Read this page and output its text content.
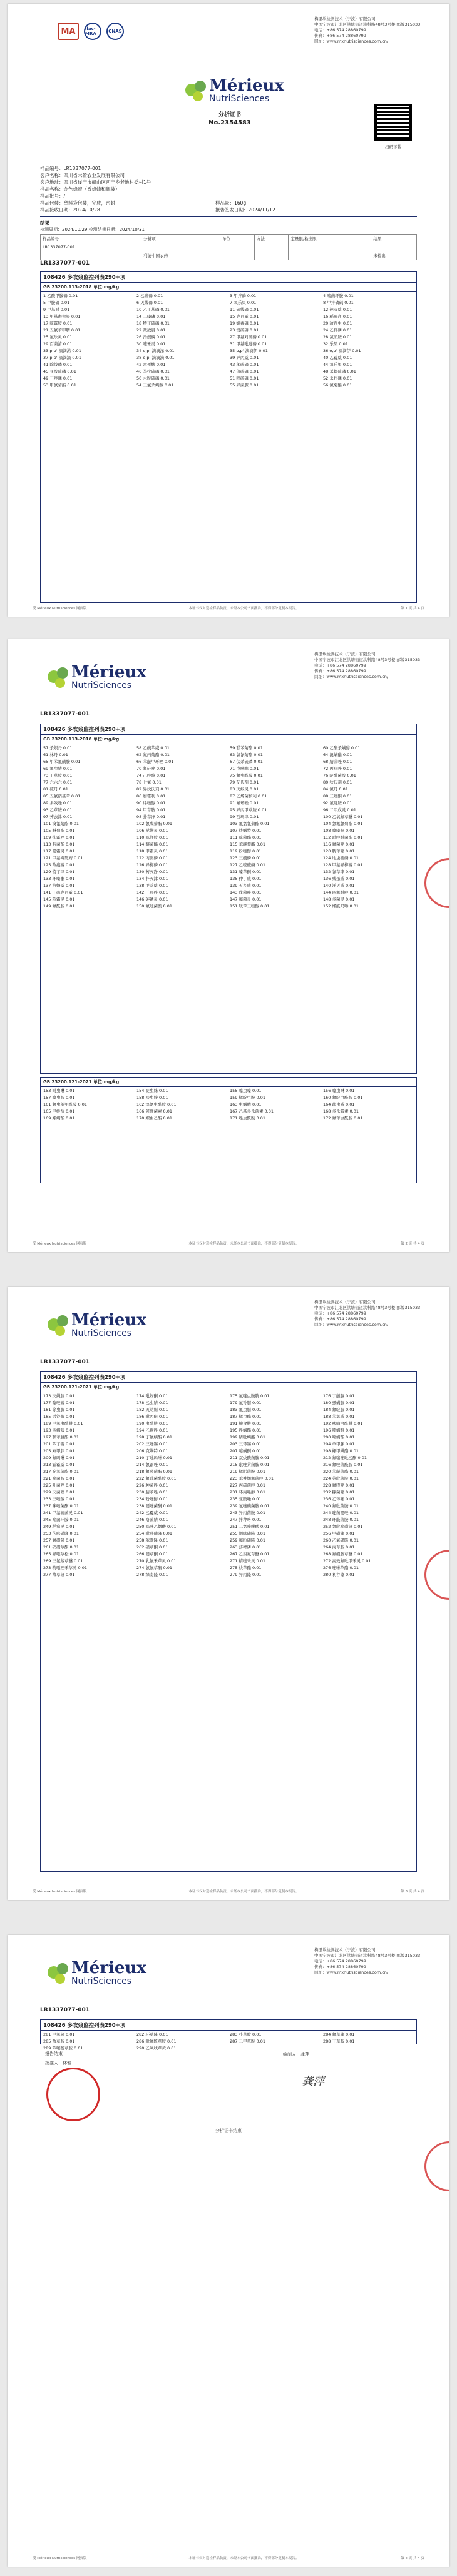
MA	ilac-MRA	CNAS
梅里埃检测技术（宁波）有限公司
中国宁波市江北区洪塘街道洪科路48号3号楼 邮编315033
电话：+86 574 28860799
传真：+86 574 28860799
网址：www.mxnutrisciences.com.cn/
Mérieux
NutriSciences
分析证书
No.2354583
扫码下载
样品编号： LR1337077-001
客户名称： 四川省未赞农业发展有限公司
客户地址： 四川省遂宁市船山区西宁乡老池村委村1号
样品名称： 金色蜂蜜（香蜂蜂和瓶装）
样品批号： /
样品包装：塑料袋包装，完成，密封	样品量： 160g
样品接收日期：2024/10/28	报告签发日期： 2024/11/12
结果
检测周期：2024/10/29 检测结束日期：2024/10/31
样品编号	分析项	单位	方法	定量限/检出限	结果
LR1337077-001					
	利德中国农药				未检出
LR1337077-001
108426 多农残监控列表290+项
GB 23200.113-2018 单位:mg/kg
1 乙酰甲胺磷 0.01	2 乙硫磷 0.01	3 甲拌磷 0.01	4 嘧菌环胺 0.01
5 甲胺磷 0.01	6 灭线磷 0.01	7 氧乐果 0.01	8 甲拌磷砜 0.01
9 甲基对 0.01	10 乙丁基磷 0.01	11 硫线磷 0.01	12 速灭威 0.01
13 甲基毒虫畏 0.01	14 二嗪磷 0.01	15 克百威 0.01	16 稻瘟净 0.01
17 嘧霉胺 0.01	18 特丁硫磷 0.01	19 蝇毒磷 0.01	20 敌百虫 0.01
21 五氯苯甲腈 0.01	22 敌敌畏 0.01	23 溴硫磷 0.01	24 乙拌磷 0.01
25 氟乐灵 0.01	26 治螟磷 0.01	27 甲基对硫磷 0.01	28 氯硝胺 0.01
29 百菌清 0.01	30 喹禾灵 0.01	31 甲基吡啶磷 0.01	32 乐果 0.01
33 p,p'-滴滴涕 0.01	34 o,p'-滴滴涕 0.01	35 p,p'-滴滴伊 0.01	36 o,p'-滴滴伊 0.01
37 p,p'-滴滴滴 0.01	38 o,p'-滴滴滴 0.01	39 异丙威 0.01	40 乙霉威 0.01
41 除线磷 0.01	42 毒死蜱 0.01	43 苯硫磷 0.01	44 氧乐果 0.01
45 亚胺硫磷 0.01	46 马拉硫磷 0.01	47 倍硫磷 0.01	48 杀螟硫磷 0.01
49 三唑磷 0.01	50 水胺硫磷 0.01	51 喹硫磷 0.01	52 杀扑磷 0.01
53 甲氰菊酯 0.01	54 三氯杀螨醇 0.01	55 异菌脲 0.01	56 氯菊酯 0.01
受 Mérieux Nutrisciences 网页版	本证书仅对送检样品负责，未经本公司书面批准，不得部分复制本报告。	第 1 页 共 4 页
Mérieux
NutriSciences
梅里埃检测技术（宁波）有限公司
中国宁波市江北区洪塘街道洪科路48号3号楼 邮编315033
电话：+86 574 28860799
传真：+86 574 28860799
网址：www.mxnutrisciences.com.cn/
LR1337077-001
108426 多农残监控列表290+项
GB 23200.113-2018 单位:mg/kg
57 杀螟丹 0.01	58 乙硫苯威 0.01	59 联苯菊酯 0.01	60 乙酯杀螨醇 0.01
61 林丹 0.01	62 氟丙菊酯 0.01	63 氯氰菊酯 0.01	64 溴螨酯 0.01
65 甲苯氟磺胺 0.01	66 苯醚甲环唑 0.01	67 伏杀硫磷 0.01	68 腈菌唑 0.01
69 氟虫腈 0.01	70 氟硅唑 0.01	71 戊唑醇 0.01	72 丙环唑 0.01
73 丁草胺 0.01	74 己唑醇 0.01	75 氟虫酰胺 0.01	76 啶酰菌胺 0.01
77 六六六 0.01	78 七氯 0.01	79 艾氏剂 0.01	80 狄氏剂 0.01
81 硫丹 0.01	82 异狄氏剂 0.01	83 灭蚁灵 0.01	84 氯丹 0.01
85 五氯硝基苯 0.01	86 腐霉利 0.01	87 乙烯菌核利 0.01	88 三唑酮 0.01
89 多效唑 0.01	90 烯唑醇 0.01	91 氟环唑 0.01	92 氟啶胺 0.01
93 乙草胺 0.01	94 甲草胺 0.01	95 异丙甲草胺 0.01	96 二甲戊灵 0.01
97 莠去津 0.01	98 扑草净 0.01	99 西玛津 0.01	100 乙氧氟草醚 0.01
101 溴氰菊酯 0.01	102 氰戊菊酯 0.01	103 氟氯氰菊酯 0.01	104 氯氟氰菊酯 0.01
105 醚菊酯 0.01	106 哒螨灵 0.01	107 炔螨特 0.01	108 噻嗪酮 0.01
109 抑霉唑 0.01	110 咪鲜胺 0.01	111 嘧菌酯 0.01	112 吡唑醚菌酯 0.01
113 肟菌酯 0.01	114 醚菌酯 0.01	115 苯醚菊酯 0.01	116 氟菌唑 0.01
117 噁霜灵 0.01	118 甲霜灵 0.01	119 粉唑醇 0.01	120 腈苯唑 0.01
121 甲基毒死蜱 0.01	122 丙溴磷 0.01	123 三硫磷 0.01	124 地虫硫磷 0.01
125 敌瘟磷 0.01	126 异柳磷 0.01	127 乙嘧硫磷 0.01	128 甲基异柳磷 0.01
129 特丁津 0.01	130 莠灭净 0.01	131 嗪草酮 0.01	132 氰草津 0.01
133 环嗪酮 0.01	134 扑灭津 0.01	135 仲丁威 0.01	136 残杀威 0.01
137 抗蚜威 0.01	138 甲萘威 0.01	139 灭多威 0.01	140 涕灭威 0.01
141 丁硫克百威 0.01	142 三环唑 0.01	143 戊菌唑 0.01	144 四氟醚唑 0.01
145 苯霜灵 0.01	146 萎锈灵 0.01	147 噻菌灵 0.01	148 多菌灵 0.01
149 氟酰胺 0.01	150 氟吡菌胺 0.01	151 联苯三唑醇 0.01	152 烯酰吗啉 0.01
GB 23200.121-2021 单位:mg/kg
153 吡虫啉 0.01	154 啶虫脒 0.01	155 噻虫嗪 0.01	156 噻虫啉 0.01
157 噻虫胺 0.01	158 呋虫胺 0.01	159 烯啶虫胺 0.01	160 氟啶虫酰胺 0.01
161 氯虫苯甲酰胺 0.01	162 溴氰虫酰胺 0.01	163 虫螨腈 0.01	164 茚虫威 0.01
165 甲维盐 0.01	166 阿维菌素 0.01	167 乙基多杀菌素 0.01	168 多杀霉素 0.01
169 螺螨酯 0.01	170 螺虫乙酯 0.01	171 唑虫酰胺 0.01	172 氟苯虫酰胺 0.01
受 Mérieux Nutrisciences 网页版	本证书仅对送检样品负责，未经本公司书面批准，不得部分复制本报告。	第 2 页 共 4 页
Mérieux
NutriSciences
梅里埃检测技术（宁波）有限公司
中国宁波市江北区洪塘街道洪科路48号3号楼 邮编315033
电话：+86 574 28860799
传真：+86 574 28860799
网址：www.mxnutrisciences.com.cn/
LR1337077-001
108426 多农残监控列表290+项
GB 23200.121-2021 单位:mg/kg
173 灭蝇胺 0.01	174 吡蚜酮 0.01	175 氟啶虫胺腈 0.01	176 丁醚脲 0.01
177 噻唑磷 0.01	178 乙虫腈 0.01	179 氟铃脲 0.01	180 虱螨脲 0.01
181 除虫脲 0.01	182 灭幼脲 0.01	183 氟虫脲 0.01	184 氟啶脲 0.01
185 杀铃脲 0.01	186 吡丙醚 0.01	187 烯虫酯 0.01	188 苯氧威 0.01
189 甲氧虫酰肼 0.01	190 虫酰肼 0.01	191 抑食肼 0.01	192 呋喃虫酰肼 0.01
193 四螨嗪 0.01	194 乙螨唑 0.01	195 唑螨酯 0.01	196 喹螨醚 0.01
197 联苯肼酯 0.01	198 丁氟螨酯 0.01	199 腈吡螨酯 0.01	200 嘧螨酯 0.01
201 苯丁锡 0.01	202 三唑锡 0.01	203 三环锡 0.01	204 单甲脒 0.01
205 双甲脒 0.01	206 克螨特 0.01	207 噻螨酮 0.01	208 螺甲螨酯 0.01
209 氟吗啉 0.01	210 丁吡吗啉 0.01	211 双炔酰菌胺 0.01	212 氟噻唑吡乙酮 0.01
213 霜霉威 0.01	214 氰霜唑 0.01	215 吡唑萘菌胺 0.01	216 氟唑菌酰胺 0.01
217 啶氧菌酯 0.01	218 氟嘧菌酯 0.01	219 烯肟菌胺 0.01	220 苯醚菌酯 0.01
221 嘧菌胺 0.01	222 氟吡菌酰胺 0.01	223 苯并烯氟菌唑 0.01	224 萘吡菌胺 0.01
225 叶菌唑 0.01	226 种菌唑 0.01	227 丙硫菌唑 0.01	228 氟喹唑 0.01
229 灭菌唑 0.01	230 腈苯唑 0.01	231 环丙唑醇 0.01	232 糠菌唑 0.01
233 三唑醇 0.01	234 粉唑醇 0.01	235 亚胺唑 0.01	236 乙环唑 0.01
237 咪唑菌酮 0.01	238 噁唑菌酮 0.01	239 氰唑磺菌胺 0.01	240 氟吡菌胺 0.01
241 甲基硫菌灵 0.01	242 乙霉威 0.01	243 异丙菌胺 0.01	244 啶菌噁唑 0.01
245 嘧菌环胺 0.01	246 咯菌腈 0.01	247 拌种咯 0.01	248 环酰菌胺 0.01
249 稻瘟灵 0.01	250 咪唑乙烟酸 0.01	251 二氯喹啉酸 0.01	252 氯吡嘧磺隆 0.01
253 苄嘧磺隆 0.01	254 吡嘧磺隆 0.01	255 烟嘧磺隆 0.01	256 甲磺隆 0.01
257 氯磺隆 0.01	258 苯磺隆 0.01	259 噻吩磺隆 0.01	260 乙氧磺隆 0.01
261 硝磺草酮 0.01	262 磺草酮 0.01	263 莎稗磷 0.01	264 丙草胺 0.01
265 异噁草松 0.01	266 噁草酮 0.01	267 乙羧氟草醚 0.01	268 氟磺胺草醚 0.01
269 三氟羧草醚 0.01	270 乳氟禾草灵 0.01	271 精喹禾灵 0.01	272 高效氟吡甲禾灵 0.01
273 精噁唑禾草灵 0.01	274 氰氟草酯 0.01	275 炔草酯 0.01	276 唑啉草酯 0.01
277 敌草隆 0.01	278 绿麦隆 0.01	279 异丙隆 0.01	280 利谷隆 0.01
受 Mérieux Nutrisciences 网页版	本证书仅对送检样品负责，未经本公司书面批准，不得部分复制本报告。	第 3 页 共 4 页
Mérieux
NutriSciences
梅里埃检测技术（宁波）有限公司
中国宁波市江北区洪塘街道洪科路48号3号楼 邮编315033
电话：+86 574 28860799
传真：+86 574 28860799
网址：www.mxnutrisciences.com.cn/
LR1337077-001
108426 多农残监控列表290+项
281 甲氧隆 0.01	282 环草隆 0.01	283 扑草胺 0.01	284 氟草隆 0.01
285 敌草胺 0.01	286 吡氟酰草胺 0.01	287 二甲草胺 0.01	288 丁草胺 0.01
289 苯噻酰草胺 0.01	290 乙氧呋草黄 0.01
报告结束	编制人：龚萍
批准人：林雅
龚萍
分析证书结束
受 Mérieux Nutrisciences 网页版	本证书仅对送检样品负责，未经本公司书面批准，不得部分复制本报告。	第 4 页 共 4 页
